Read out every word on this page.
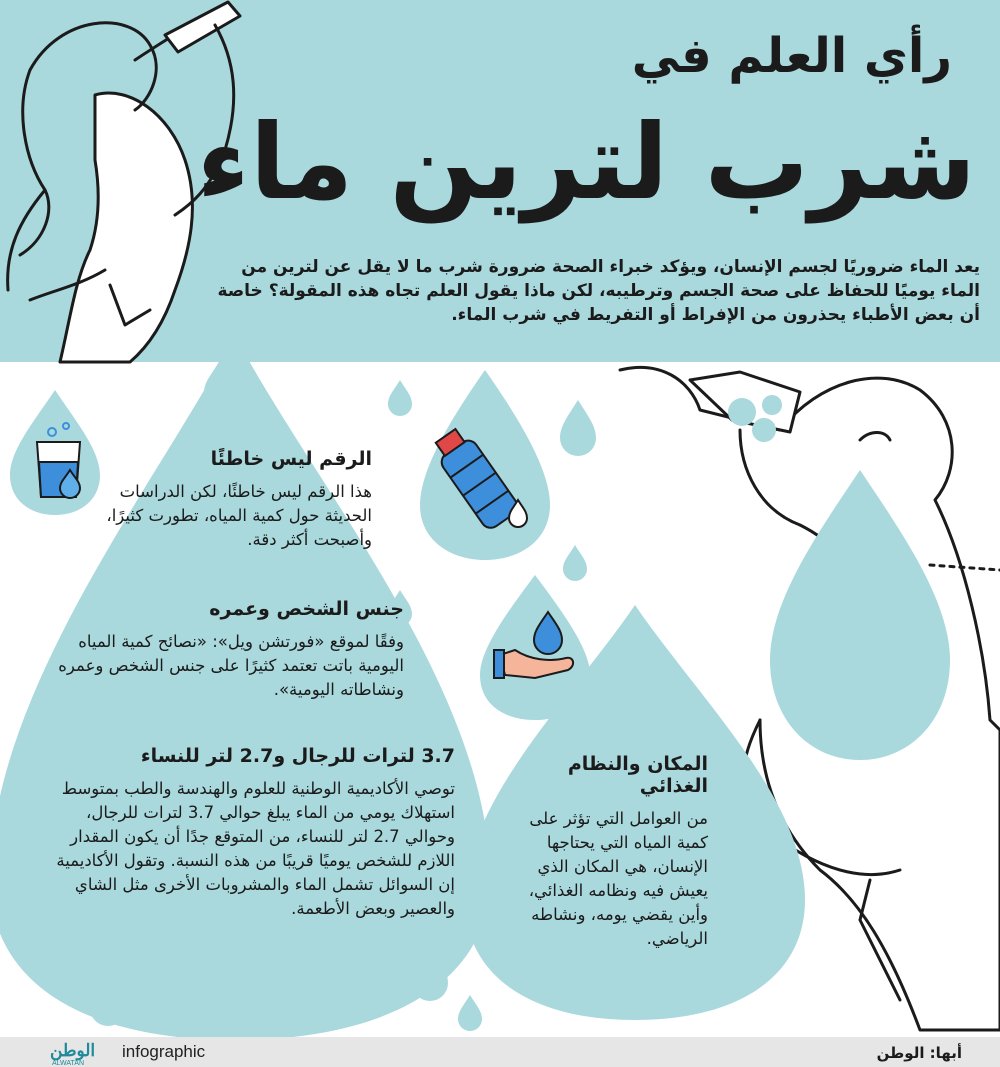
رأي العلم في
شرب لترين ماء

يعد الماء ضروريًا لجسم الإنسان، ويؤكد خبراء الصحة ضرورة شرب ما لا يقل عن لترين من الماء يوميًا للحفاظ على صحة الجسم وترطيبه، لكن ماذا يقول العلم تجاه هذه المقولة؟ خاصة أن بعض الأطباء يحذرون من الإفراط أو التفريط في شرب الماء.

الرقم ليس خاطئًا

هذا الرقم ليس خاطئًا، لكن الدراسات الحديثة حول كمية المياه، تطورت كثيرًا، وأصبحت أكثر دقة.

جنس الشخص وعمره

وفقًا لموقع «فورتشن ويل»: «نصائح كمية المياه اليومية باتت تعتمد كثيرًا على جنس الشخص وعمره ونشاطاته اليومية».

3.7 لترات للرجال و2.7 لتر للنساء

توصي الأكاديمية الوطنية للعلوم والهندسة والطب بمتوسط استهلاك يومي من الماء يبلغ حوالي 3.7 لترات للرجال، وحوالي 2.7 لتر للنساء، من المتوقع جدًا أن يكون المقدار اللازم للشخص يوميًا قريبًا من هذه النسبة. وتقول الأكاديمية إن السوائل تشمل الماء والمشروبات الأخرى مثل الشاي والعصير وبعض الأطعمة.

المكان والنظام الغذائي

من العوامل التي تؤثر على كمية المياه التي يحتاجها الإنسان، هي المكان الذي يعيش فيه ونظامه الغذائي، وأين يقضي يومه، ونشاطه الرياضي.

الوطن
ALWATAN
infographic	أبها: الوطن
